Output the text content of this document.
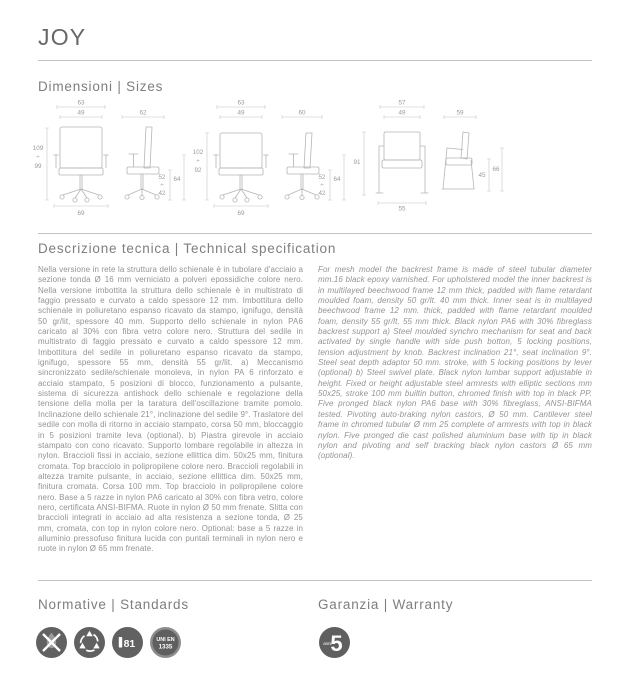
JOY
Dimensioni | Sizes
63
49	62
109
÷
99
69
52
÷
42
64
63
49	60
102
÷
92
69
52
÷
42
64
57
49	59
91
55
45
66
Descrizione tecnica | Technical specification

Nella versione in rete la struttura dello schienale è in tubolare d'acciaio a sezione tonda Ø 16 mm verniciato a polveri epossidiche colore nero. Nella versione imbottita la struttura dello schienale è in multistrato di faggio pressato e curvato a caldo spessore 12 mm. Imbottitura dello schienale in poliuretano espanso ricavato da stampo, ignifugo, densità 50 gr/lit, spessore 40 mm. Supporto dello schienale in nylon PA6 caricato al 30% con fibra vetro colore nero. Struttura del sedile in multistrato di faggio pressato e curvato a caldo spessore 12 mm. Imbottitura del sedile in poliuretano espanso ricavato da stampo, ignifugo, spessore 55 mm, densità 55 gr/lit. a) Meccanismo sincronizzato sedile/schienale monoleva, in nylon PA 6 rinforzato e acciaio stampato, 5 posizioni di blocco, funzionamento a pulsante, sistema di sicurezza antishock dello schienale e regolazione della tensione della molla per la taratura dell'oscillazione tramite pomolo. Inclinazione dello schienale 21°, inclinazione del sedile 9°. Traslatore del sedile con molla di ritorno in acciaio stampato, corsa 50 mm, bloccaggio in 5 posizioni tramite leva (optional). b) Piastra girevole in acciaio stampato con cono ricavato. Supporto lombare regolabile in altezza in nylon. Braccioli fissi in acciaio, sezione ellittica dim. 50x25 mm, finitura cromata. Top bracciolo in polipropilene colore nero. Braccioli regolabili in altezza tramite pulsante, in acciaio, sezione ellittica dim. 50x25 mm, finitura cromata. Corsa 100 mm. Top bracciolo in polipropilene colore nero. Base a 5 razze in nylon PA6 caricato al 30% con fibra vetro, colore nero, certificata ANSI-BIFMA. Ruote in nylon Ø 50 mm frenate. Slitta con braccioli integrati in acciaio ad alta resistenza a sezione tonda, Ø 25 mm, cromata, con top in nylon colore nero. Optional: base a 5 razze in alluminio pressofuso finitura lucida con puntali terminali in nylon nero e ruote in nylon Ø 65 mm frenate.

For mesh model the backrest frame is made of steel tubular diameter mm.16 black epoxy varnished. For upholstered model the inner backrest is in multilayed beechwood frame 12 mm thick, padded with flame retardant moulded foam, density 50 gr/lt. 40 mm thick. Inner seat is in multilayed beechwood frame 12 mm. thick, padded with flame retardant moulded foam, density 55 gr/lt, 55 mm thick. Black nylon PA6 with 30% fibreglass backrest support a) Steel moulded synchro mechanism for seat and back activated by single handle with side push botton, 5 locking positions, tension adjustment by knob. Backrest inclination 21°, seat inclination 9°. Steel seat depth adaptor 50 mm. stroke, with 5 locking positions by lever (optional) b) Steel swivel plate. Black nylon lumbar support adjustable in height. Fixed or height adjustable steel armrests with elliptic sections mm 50x25, stroke 100 mm builtin button, chromed finish with top in black PP. Five pronged black nylon PA6 base with 30% fibreglass, ANSI-BIFMA tested. Pivoting auto-braking nylon castors, Ø 50 mm. Cantilever steel frame in chromed tubular Ø mm 25 complete of armrests with top in black nylon. Five pronged die cast polished aluminium base with tip in black nylon and pivoting and self bracking black nylon castors Ø 65 mm (optional).

Normative | Standards
81	UNI EN
1335
Garanzia | Warranty
5
anni
